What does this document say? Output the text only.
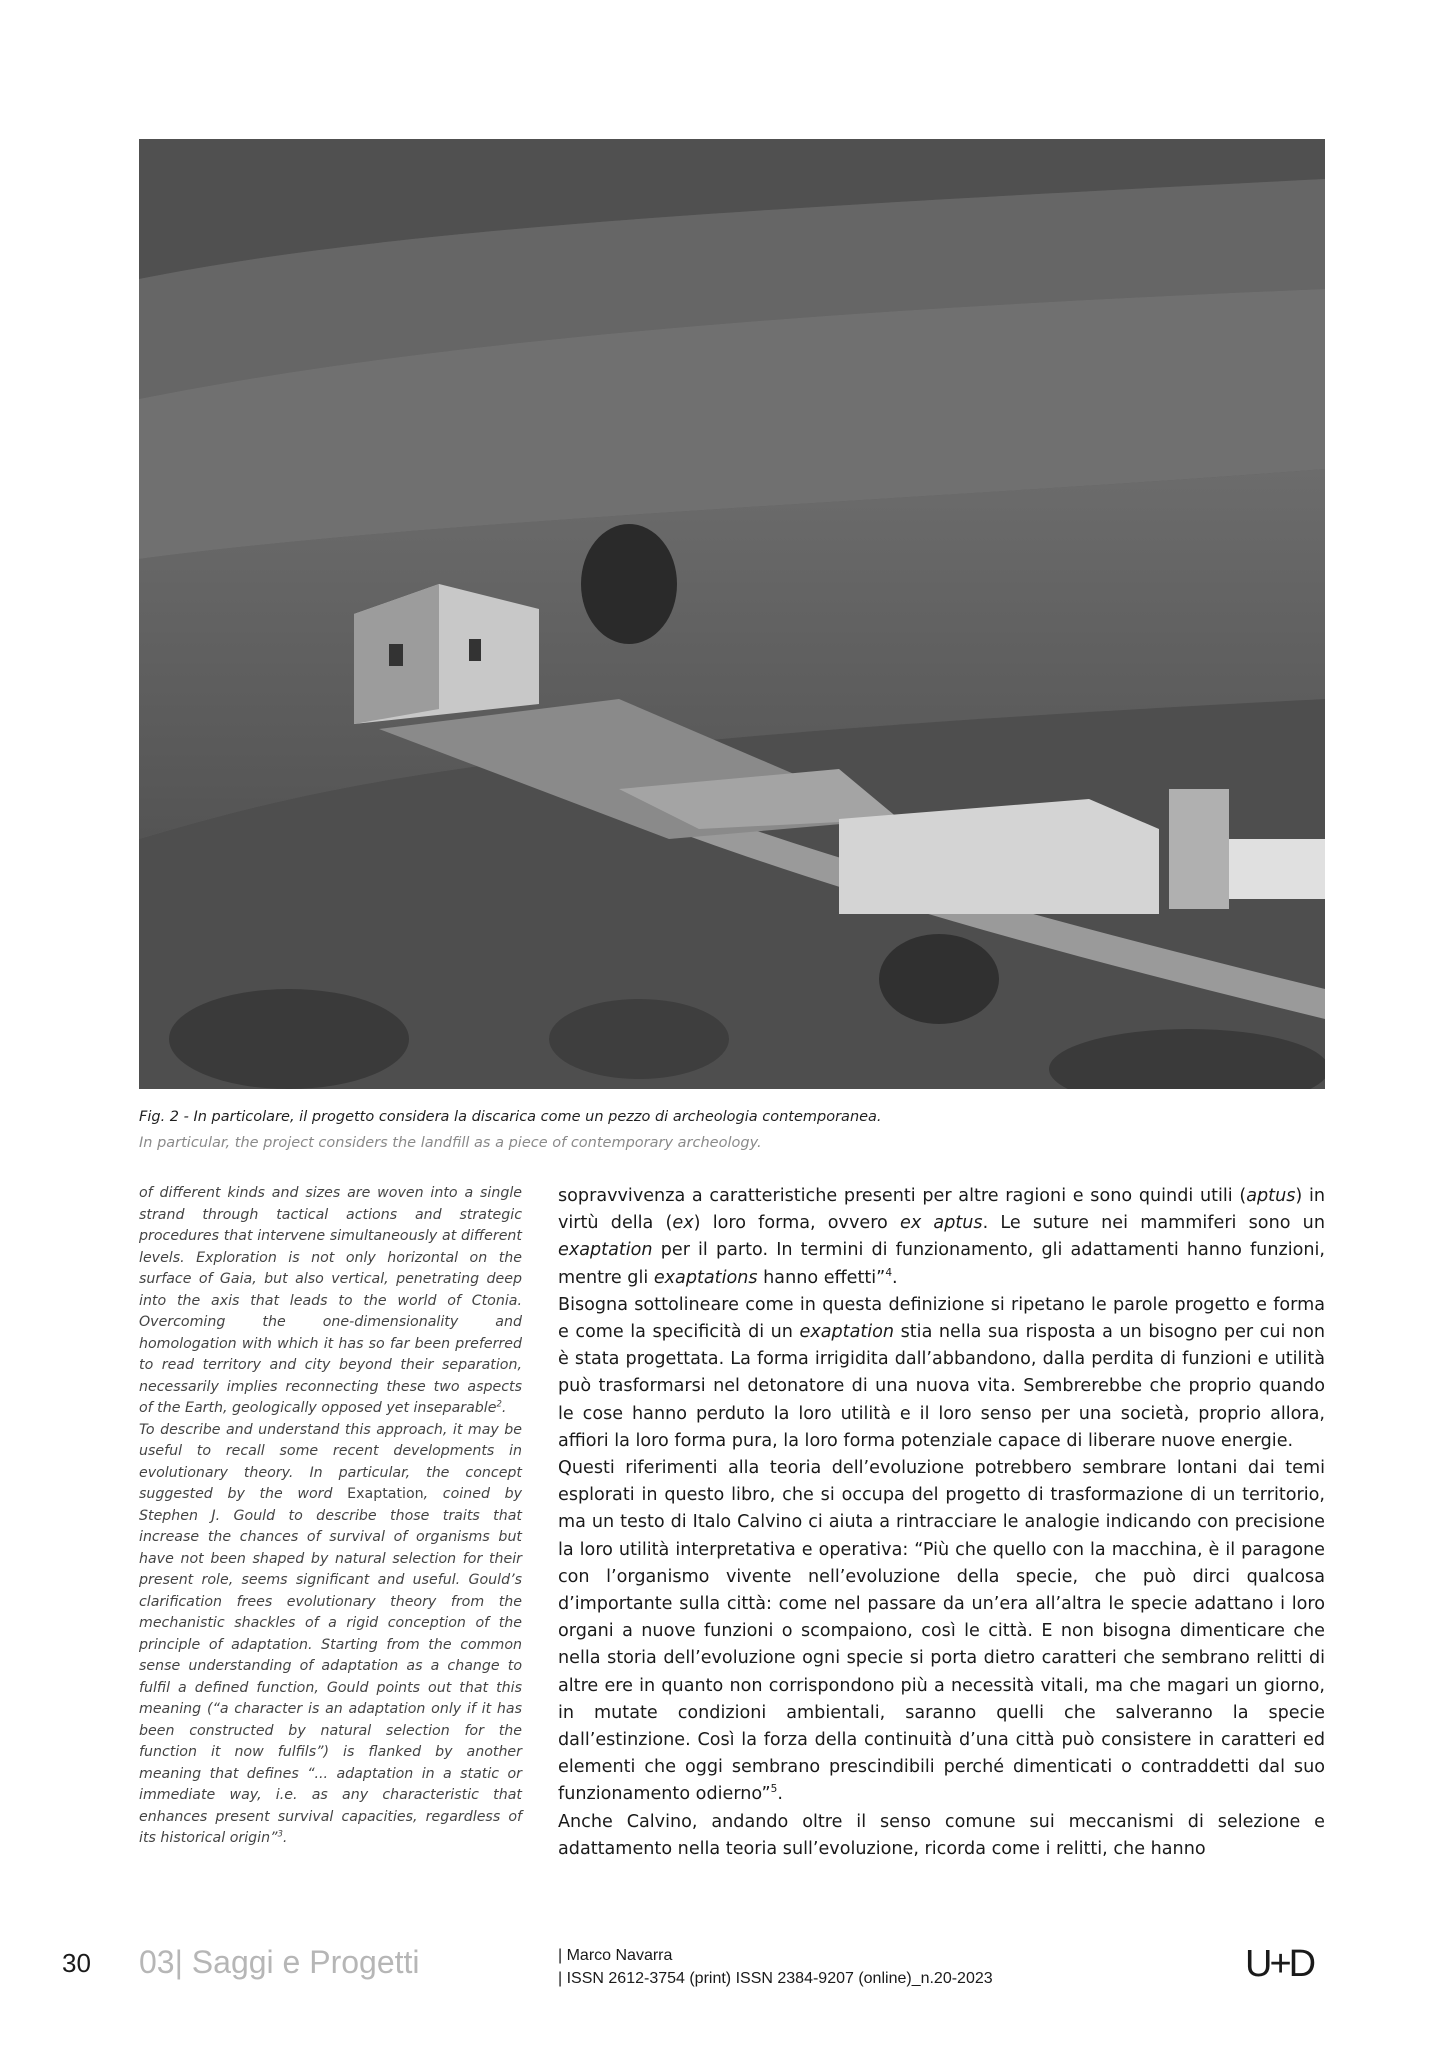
Fig. 2 - In particolare, il progetto considera la discarica come un pezzo di archeologia contemporanea.
In particular, the project considers the landfill as a piece of contemporary archeology.

of different kinds and sizes are woven into a single strand through tactical actions and strategic procedures that intervene simultaneously at different levels. Exploration is not only horizontal on the surface of Gaia, but also vertical, penetrating deep into the axis that leads to the world of Ctonia. Overcoming the one-dimensionality and homologation with which it has so far been preferred to read territory and city beyond their separation, necessarily implies reconnecting these two aspects of the Earth, geologically opposed yet inseparable$^2$.

To describe and understand this approach, it may be useful to recall some recent developments in evolutionary theory. In particular, the concept suggested by the word Exaptation, coined by Stephen J. Gould to describe those traits that increase the chances of survival of organisms but have not been shaped by natural selection for their present role, seems significant and useful. Gould’s clarification frees evolutionary theory from the mechanistic shackles of a rigid conception of the principle of adaptation. Starting from the common sense understanding of adaptation as a change to fulfil a defined function, Gould points out that this meaning (“a character is an adaptation only if it has been constructed by natural selection for the function it now fulfils”) is flanked by another meaning that defines “... adaptation in a static or immediate way, i.e. as any characteristic that enhances present survival capacities, regardless of its historical origin”$^3$.

sopravvivenza a caratteristiche presenti per altre ragioni e sono quindi utili (aptus) in virtù della (ex) loro forma, ovvero ex aptus. Le suture nei mammiferi sono un exaptation per il parto. In termini di funzionamento, gli adattamenti hanno funzioni, mentre gli exaptations hanno effetti”$^4$.

Bisogna sottolineare come in questa definizione si ripetano le parole progetto e forma e come la specificità di un exaptation stia nella sua risposta a un bisogno per cui non è stata progettata. La forma irrigidita dall’abbandono, dalla perdita di funzioni e utilità può trasformarsi nel detonatore di una nuova vita. Sembrerebbe che proprio quando le cose hanno perduto la loro utilità e il loro senso per una società, proprio allora, affiori la loro forma pura, la loro forma potenziale capace di liberare nuove energie.

Questi riferimenti alla teoria dell’evoluzione potrebbero sembrare lontani dai temi esplorati in questo libro, che si occupa del progetto di trasformazione di un territorio, ma un testo di Italo Calvino ci aiuta a rintracciare le analogie indicando con precisione la loro utilità interpretativa e operativa: “Più che quello con la macchina, è il paragone con l’organismo vivente nell’evoluzione della specie, che può dirci qualcosa d’importante sulla città: come nel passare da un’era all’altra le specie adattano i loro organi a nuove funzioni o scompaiono, così le città. E non bisogna dimenticare che nella storia dell’evoluzione ogni specie si porta dietro caratteri che sembrano relitti di altre ere in quanto non corrispondono più a necessità vitali, ma che magari un giorno, in mutate condizioni ambientali, saranno quelli che salveranno la specie dall’estinzione. Così la forza della continuità d’una città può consistere in caratteri ed elementi che oggi sembrano prescindibili perché dimenticati o contraddetti dal suo funzionamento odierno”$^5$.

Anche Calvino, andando oltre il senso comune sui meccanismi di selezione e adattamento nella teoria sull’evoluzione, ricorda come i relitti, che hanno

30 03| Saggi e Progetti	| Marco Navarra
| ISSN 2612-3754 (print) ISSN 2384-9207 (online)_n.20-2023	U+D
